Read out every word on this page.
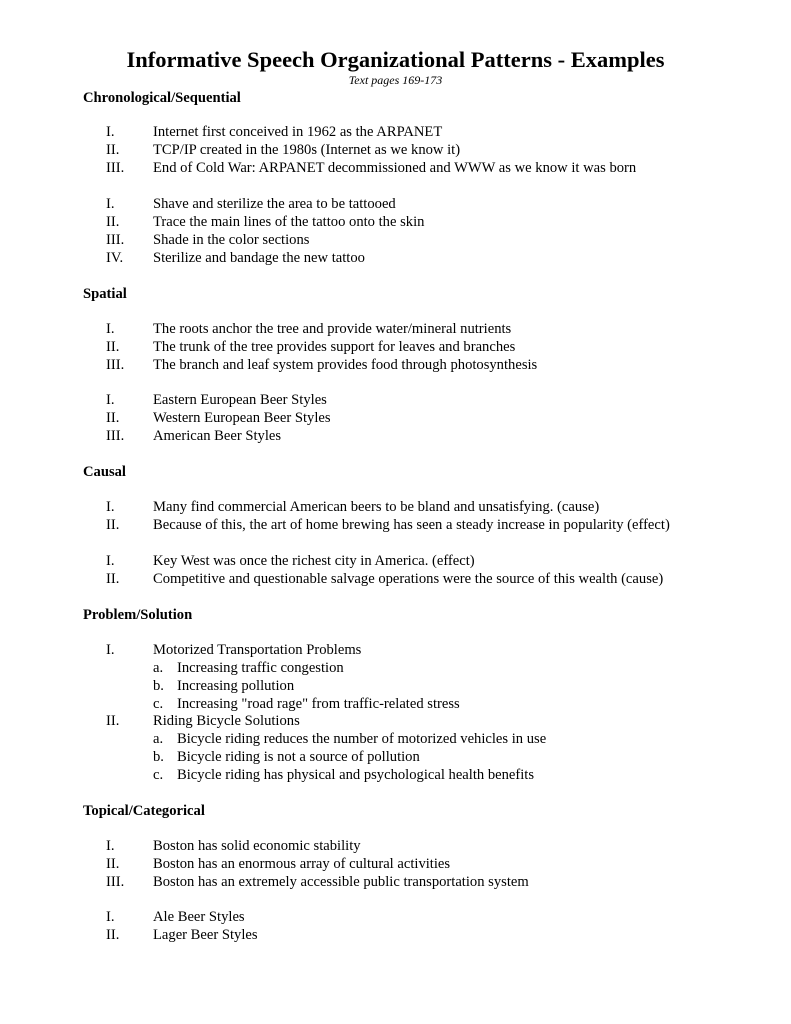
Informative Speech Organizational Patterns - Examples
Text pages 169-173
Chronological/Sequential
I.	Internet first conceived in 1962 as the ARPANET
II. TCP/IP created in the 1980s (Internet as we know it)
III. End of Cold War: ARPANET decommissioned and WWW as we know it was born
I.	Shave and sterilize the area to be tattooed
II. Trace the main lines of the tattoo onto the skin
III. Shade in the color sections
IV. Sterilize and bandage the new tattoo
Spatial
I.	The roots anchor the tree and provide water/mineral nutrients
II. The trunk of the tree provides support for leaves and branches
III. The branch and leaf system provides food through photosynthesis
I.	Eastern European Beer Styles
II. Western European Beer Styles
III. American Beer Styles
Causal
I.	Many find commercial American beers to be bland and unsatisfying. (cause)
II. Because of this, the art of home brewing has seen a steady increase in popularity (effect)
I.	Key West was once the richest city in America. (effect)
II. Competitive and questionable salvage operations were the source of this wealth (cause)
Problem/Solution
I.	Motorized Transportation Problems
a. Increasing traffic congestion
b. Increasing pollution
c. Increasing "road rage" from traffic-related stress
II. Riding Bicycle Solutions
a. Bicycle riding reduces the number of motorized vehicles in use
b. Bicycle riding is not a source of pollution
c. Bicycle riding has physical and psychological health benefits
Topical/Categorical
I.	Boston has solid economic stability
II. Boston has an enormous array of cultural activities
III. Boston has an extremely accessible public transportation system
I.	Ale Beer Styles
II. Lager Beer Styles
